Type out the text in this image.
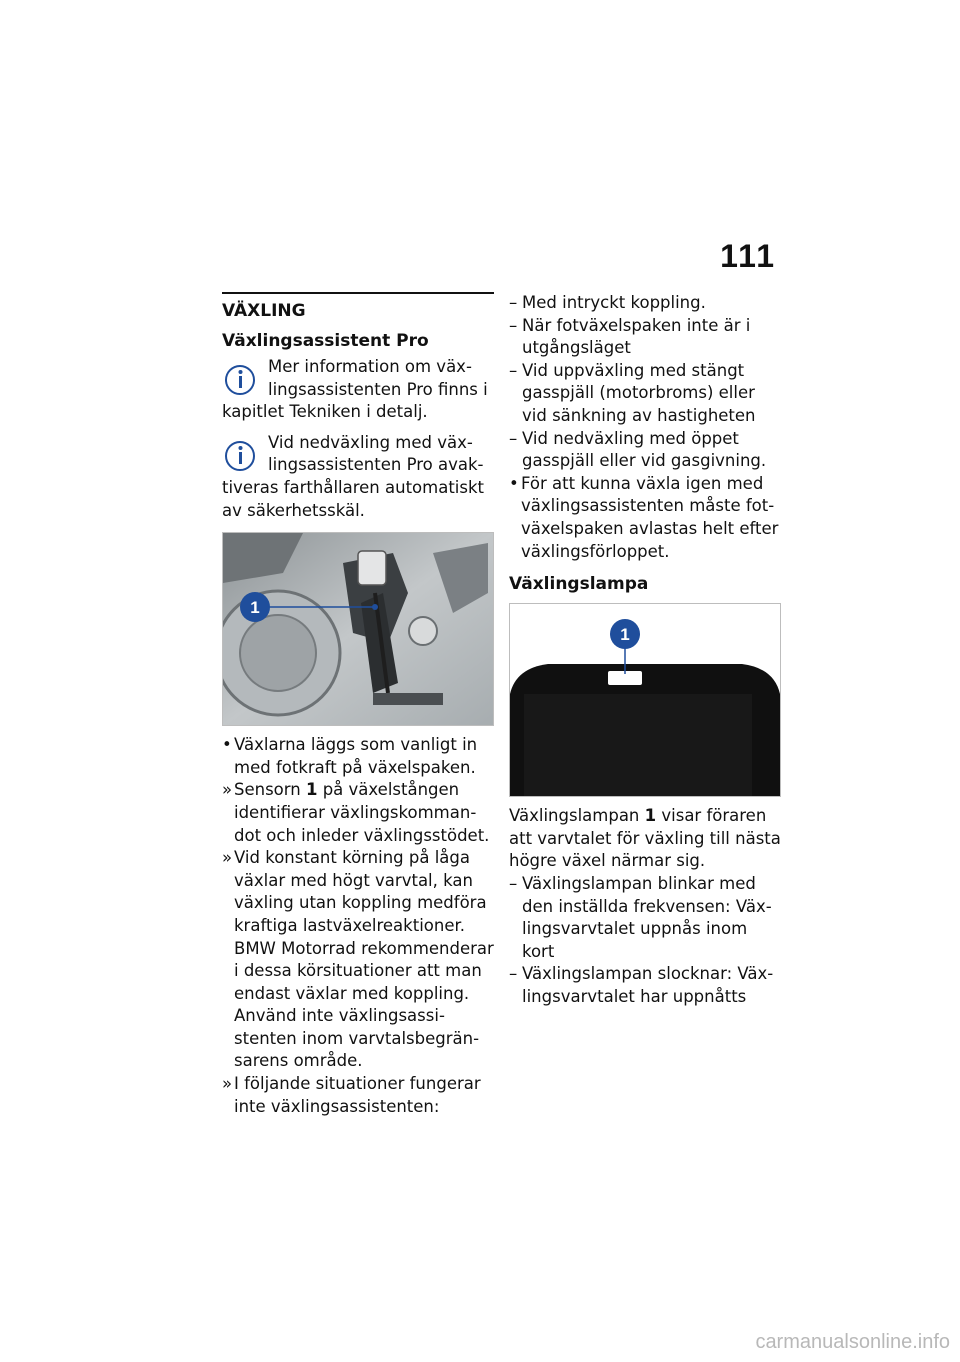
111
VÄXLING
Växlingsassistent Pro

Mer information om växlingsassistenten Pro finns i kapitlet Tekniken i detalj.

Vid nedväxling med växlingsassistenten Pro avaktiveras farthållaren automatiskt av säkerhetsskäl.

1
• Växlarna läggs som vanligt in med fotkraft på växelspaken.
» Sensorn 1 på växelstången identifierar växlingskommandot och inleder växlingsstödet.
» Vid konstant körning på låga växlar med högt varvtal, kan växling utan koppling medföra kraftiga lastväxelreaktioner. BMW Motorrad rekommenderar i dessa körsituationer att man endast växlar med koppling. Använd inte växlingsassistenten inom varvtalsbegränsarens område.
» I följande situationer fungerar inte växlingsassistenten:
– Med intryckt koppling.
– När fotväxelspaken inte är i utgångsläget
– Vid uppväxling med stängt gasspjäll (motorbroms) eller vid sänkning av hastigheten
– Vid nedväxling med öppet gasspjäll eller vid gasgivning.
• För att kunna växla igen med växlingsassistenten måste fotväxelspaken avlastas helt efter växlingsförloppet.
Växlingslampa
1

Växlingslampan 1 visar föraren att varvtalet för växling till nästa högre växel närmar sig.

– Växlingslampan blinkar med den inställda frekvensen: Växlingsvarvtalet uppnås inom kort
– Växlingslampan slocknar: Växlingsvarvtalet har uppnåtts
carmanualsonline.info
